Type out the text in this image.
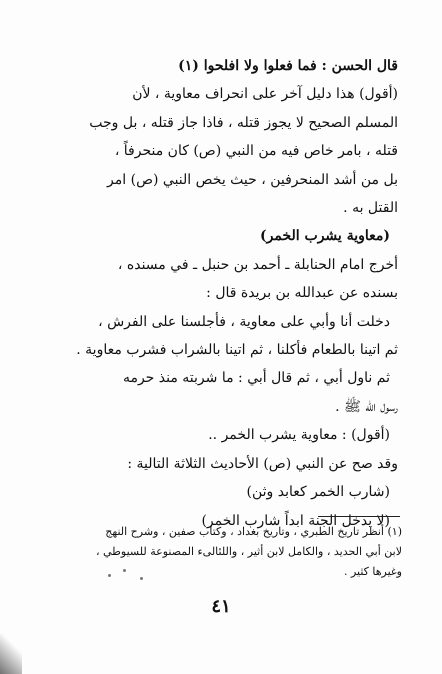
قال الحسن : فما فعلوا ولا افلحوا (١)

(أقول) هذا دليل آخر على انحراف معاوية ، لأن

المسلم الصحيح لا يجوز قتله ، فاذا جاز قتله ، بل وجب

قتله ، بامر خاص فيه من النبي (ص) كان منحرفاً ،

بل من أشد المنحرفين ، حيث يخص النبي (ص) امر

القتل به .

(معاوية يشرب الخمر)

أخرج امام الحنابلة ـ أحمد بن حنبل ـ في مسنده ،

بسنده عن عبدالله بن بريدة قال :

دخلت أنا وأبي على معاوية ، فأجلسنا على الفرش ،

ثم اتينا بالطعام فأكلنا ، ثم اتينا بالشراب فشرب معاوية .

ثم ناول أبي ، ثم قال أبي : ما شربته منذ حرمه

رسول الله ﷺ .

(أقول) : معاوية يشرب الخمر ..

وقد صح عن النبي (ص) الأحاديث الثلاثة التالية :

(شارب الخمر كعابد وثن)

(لا يدخل الجنة ابداً شارب الخمر)

(١) أنظر تاريخ الطبري ، وتاريخ بغداد ، وكتاب صفين ، وشرح النهج

لابن أبي الحديد ، والكامل لابن أثير ، واللئالىء المصنوعة للسيوطي ،

وغيرها كثير .

٤١
